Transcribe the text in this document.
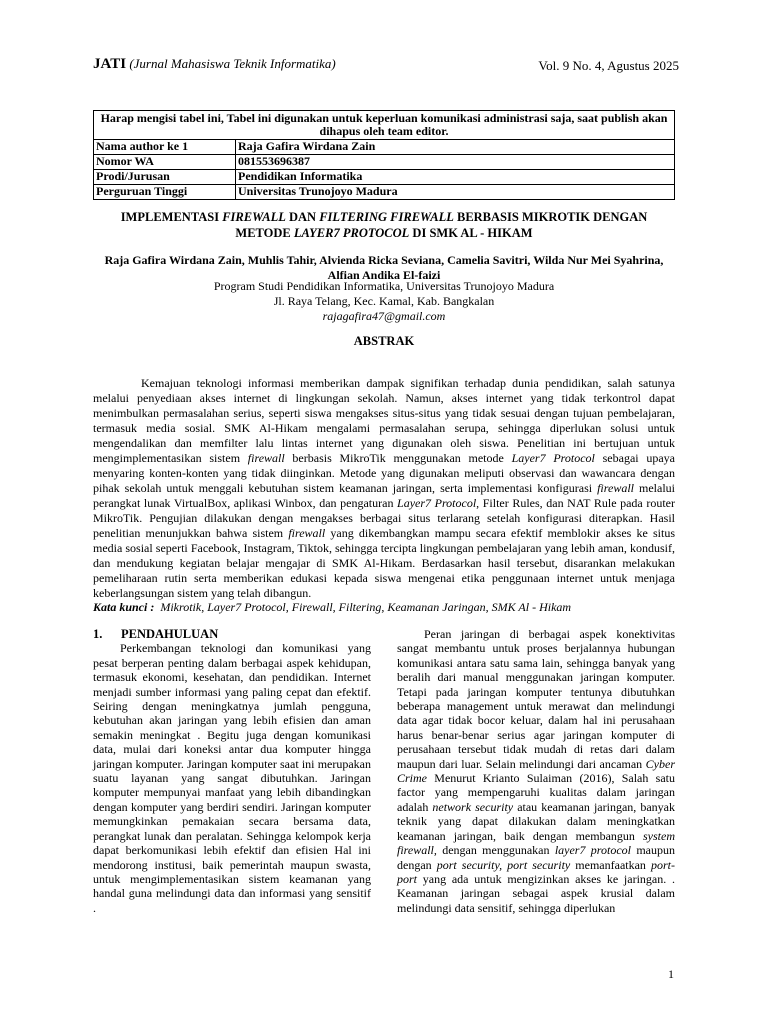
JATI (Jurnal Mahasiswa Teknik Informatika)	Vol. 9 No. 4, Agustus 2025
Harap mengisi tabel ini, Tabel ini digunakan untuk keperluan komunikasi administrasi saja, saat publish akan dihapus oleh team editor.	
Nama author ke 1	Raja Gafira Wirdana Zain
Nomor WA	081553696387
Prodi/Jurusan	Pendidikan Informatika
Perguruan Tinggi	Universitas Trunojoyo Madura
IMPLEMENTASI FIREWALL DAN FILTERING FIREWALL BERBASIS MIKROTIK DENGAN METODE LAYER7 PROTOCOL DI SMK AL - HIKAM
Raja Gafira Wirdana Zain, Muhlis Tahir, Alvienda Ricka Seviana, Camelia Savitri, Wilda Nur Mei Syahrina, Alfian Andika El-faizi
Program Studi Pendidikan Informatika, Universitas Trunojoyo Madura
Jl. Raya Telang, Kec. Kamal, Kab. Bangkalan
rajagafira47@gmail.com
ABSTRAK

Kemajuan teknologi informasi memberikan dampak signifikan terhadap dunia pendidikan, salah satunya melalui penyediaan akses internet di lingkungan sekolah. Namun, akses internet yang tidak terkontrol dapat menimbulkan permasalahan serius, seperti siswa mengakses situs-situs yang tidak sesuai dengan tujuan pembelajaran, termasuk media sosial. SMK Al-Hikam mengalami permasalahan serupa, sehingga diperlukan solusi untuk mengendalikan dan memfilter lalu lintas internet yang digunakan oleh siswa. Penelitian ini bertujuan untuk mengimplementasikan sistem firewall berbasis MikroTik menggunakan metode Layer7 Protocol sebagai upaya menyaring konten-konten yang tidak diinginkan. Metode yang digunakan meliputi observasi dan wawancara dengan pihak sekolah untuk menggali kebutuhan sistem keamanan jaringan, serta implementasi konfigurasi firewall melalui perangkat lunak VirtualBox, aplikasi Winbox, dan pengaturan Layer7 Protocol, Filter Rules, dan NAT Rule pada router MikroTik. Pengujian dilakukan dengan mengakses berbagai situs terlarang setelah konfigurasi diterapkan. Hasil penelitian menunjukkan bahwa sistem firewall yang dikembangkan mampu secara efektif memblokir akses ke situs media sosial seperti Facebook, Instagram, Tiktok, sehingga tercipta lingkungan pembelajaran yang lebih aman, kondusif, dan mendukung kegiatan belajar mengajar di SMK Al-Hikam. Berdasarkan hasil tersebut, disarankan melakukan pemeliharaan rutin serta memberikan edukasi kepada siswa mengenai etika penggunaan internet untuk menjaga keberlangsungan sistem yang telah dibangun.

Kata kunci : Mikrotik, Layer7 Protocol, Firewall, Filtering, Keamanan Jaringan, SMK Al - Hikam
1. PENDAHULUAN

Perkembangan teknologi dan komunikasi yang pesat berperan penting dalam berbagai aspek kehidupan, termasuk ekonomi, kesehatan, dan pendidikan. Internet menjadi sumber informasi yang paling cepat dan efektif. Seiring dengan meningkatnya jumlah pengguna, kebutuhan akan jaringan yang lebih efisien dan aman semakin meningkat . Begitu juga dengan komunikasi data, mulai dari koneksi antar dua komputer hingga jaringan komputer. Jaringan komputer saat ini merupakan suatu layanan yang sangat dibutuhkan. Jaringan komputer mempunyai manfaat yang lebih dibandingkan dengan komputer yang berdiri sendiri. Jaringan komputer memungkinkan pemakaian secara bersama data, perangkat lunak dan peralatan. Sehingga kelompok kerja dapat berkomunikasi lebih efektif dan efisien Hal ini mendorong institusi, baik pemerintah maupun swasta, untuk mengimplementasikan sistem keamanan yang handal guna melindungi data dan informasi yang sensitif .

Peran jaringan di berbagai aspek konektivitas sangat membantu untuk proses berjalannya hubungan komunikasi antara satu sama lain, sehingga banyak yang beralih dari manual menggunakan jaringan komputer. Tetapi pada jaringan komputer tentunya dibutuhkan beberapa management untuk merawat dan melindungi data agar tidak bocor keluar, dalam hal ini perusahaan harus benar-benar serius agar jaringan komputer di perusahaan tersebut tidak mudah di retas dari dalam maupun dari luar. Selain melindungi dari ancaman Cyber Crime Menurut Krianto Sulaiman (2016), Salah satu factor yang mempengaruhi kualitas dalam jaringan adalah network security atau keamanan jaringan, banyak teknik yang dapat dilakukan dalam meningkatkan keamanan jaringan, baik dengan membangun system firewall, dengan menggunakan layer7 protocol maupun dengan port security, port security memanfaatkan port-port yang ada untuk mengizinkan akses ke jaringan. . Keamanan jaringan sebagai aspek krusial dalam melindungi data sensitif, sehingga diperlukan

1
